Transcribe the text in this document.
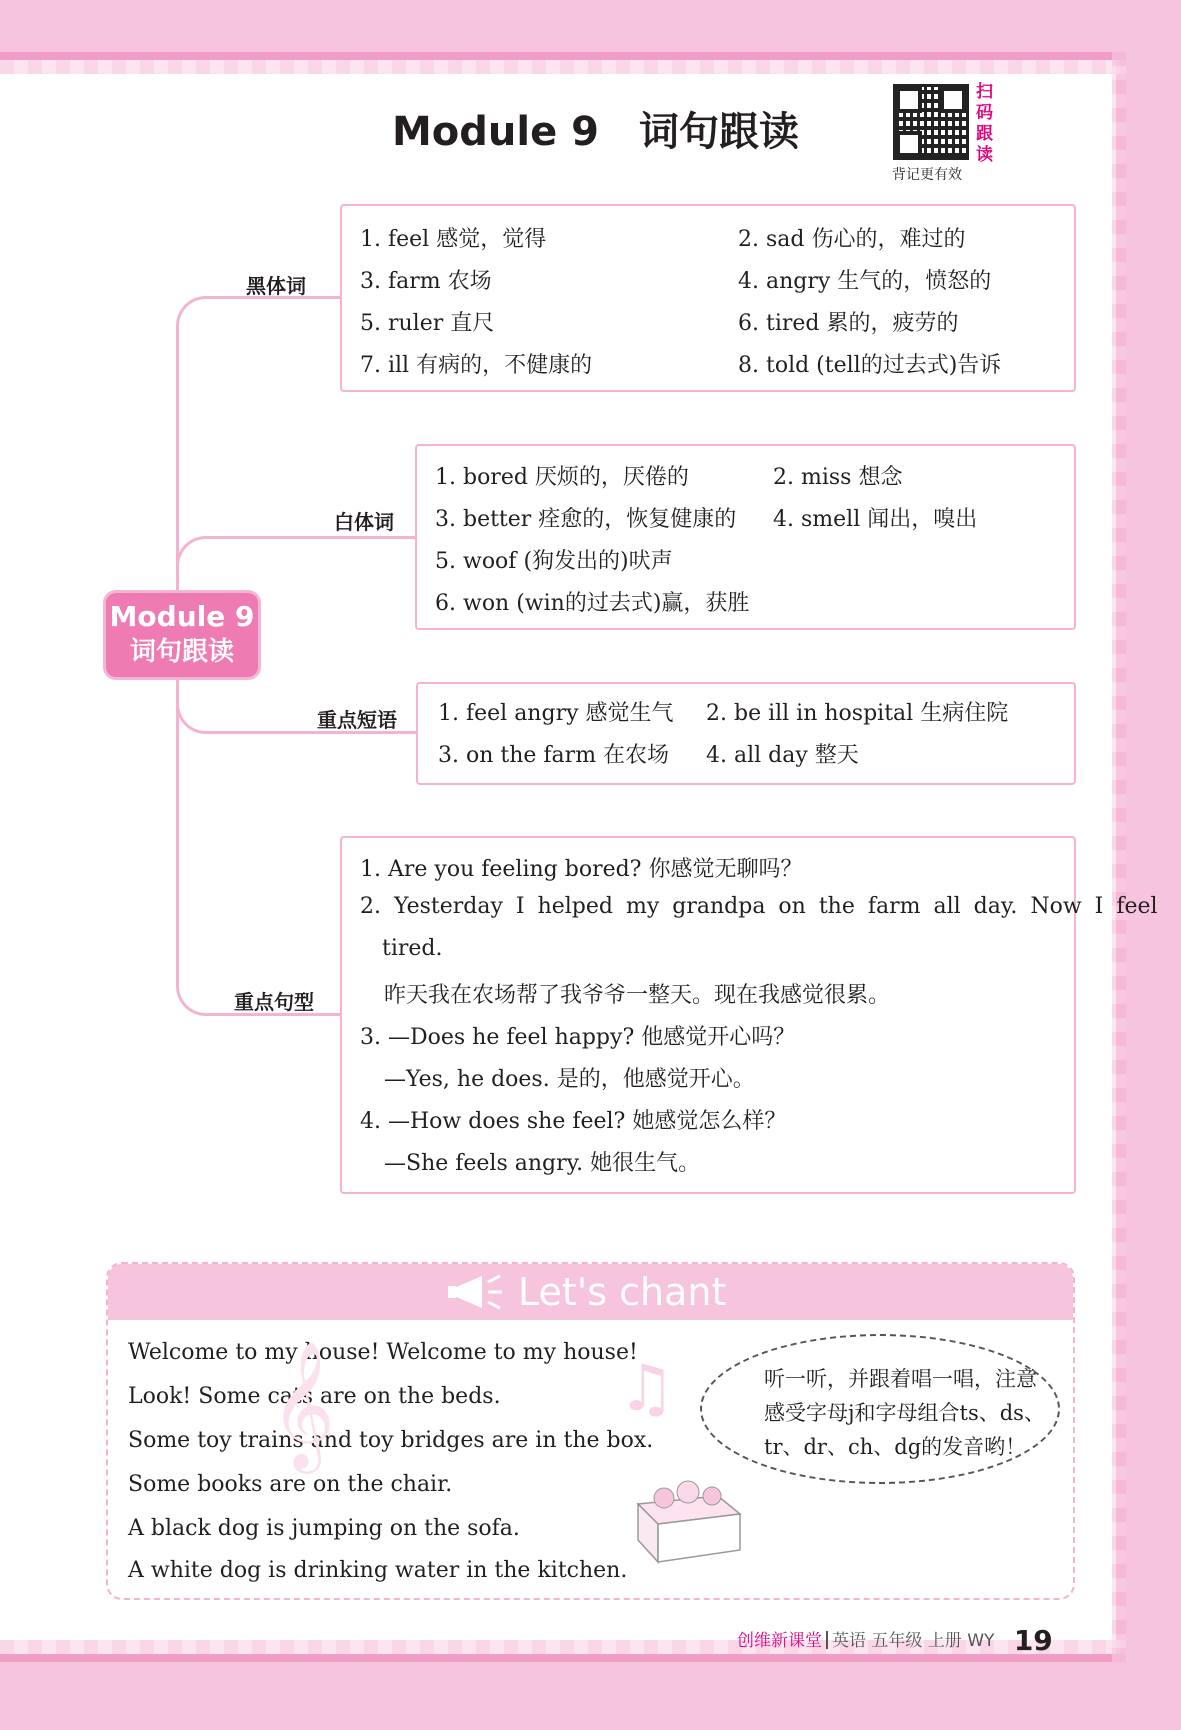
Module 9 词句跟读
扫码跟读
背记更有效
Module 9
词句跟读
黑体词
白体词
重点短语
重点句型
1. feel 感觉，觉得	2. sad 伤心的，难过的
3. farm 农场	4. angry 生气的，愤怒的
5. ruler 直尺	6. tired 累的，疲劳的
7. ill 有病的，不健康的	8. told (tell的过去式)告诉
1. bored 厌烦的，厌倦的	2. miss 想念
3. better 痊愈的，恢复健康的 4. smell 闻出，嗅出
5. woof (狗发出的)吠声
6. won (win的过去式)赢，获胜
1. feel angry 感觉生气 2. be ill in hospital 生病住院
3. on the farm 在农场 4. all day 整天
1. Are you feeling bored? 你感觉无聊吗？
2. Yesterday I helped my grandpa on the farm all day. Now I feel
tired.
昨天我在农场帮了我爷爷一整天。现在我感觉很累。
3. —Does he feel happy? 他感觉开心吗？
—Yes, he does. 是的，他感觉开心。
4. —How does she feel? 她感觉怎么样？
—She feels angry. 她很生气。
Let's chant
Welcome to my house! Welcome to my house!
Look! Some cats are on the beds.
Some toy trains and toy bridges are in the box.
Some books are on the chair.
A black dog is jumping on the sofa.
A white dog is drinking water in the kitchen.
𝄞	♫	听一听，并跟着唱一唱，注意感受字母j和字母组合ts、ds、tr、dr、ch、dg的发音哟！
创维新课堂 英语 五年级 上册 WY 19
